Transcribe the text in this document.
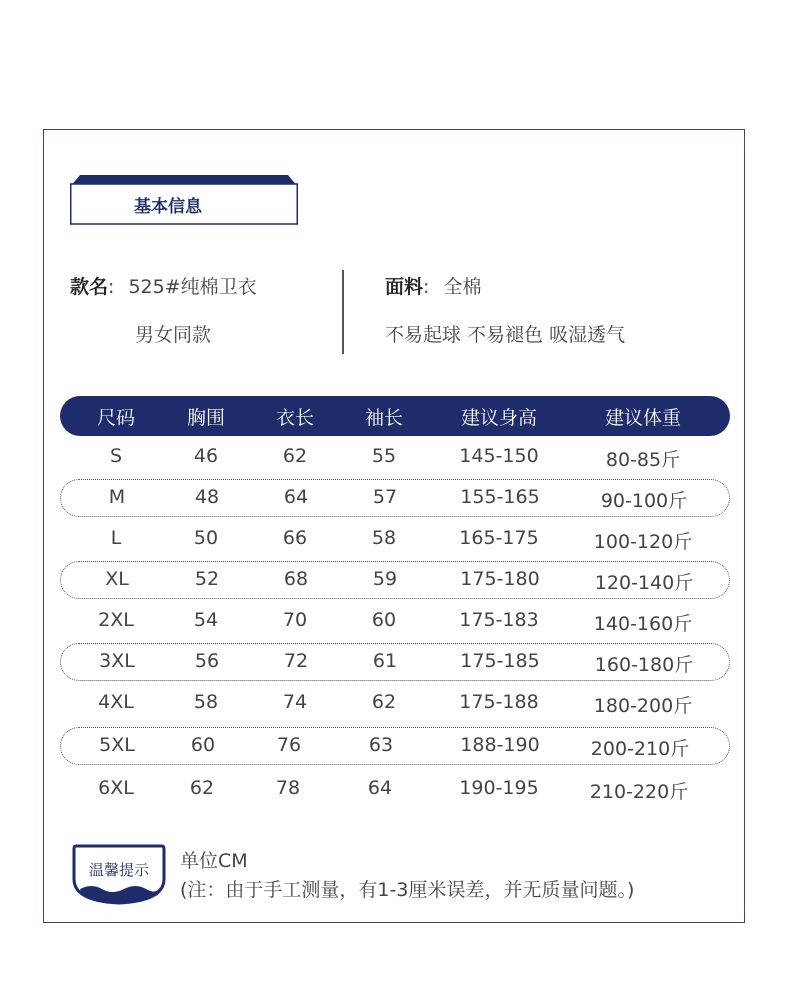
基本信息
款名: 525#纯棉卫衣
男女同款
面料: 全棉
不易起球 不易褪色 吸湿透气
尺码	胸围	衣长	袖长	建议身高	建议体重
S	46	62	55	145-150	80-85斤
M	48	64	57	155-165	90-100斤
L	50	66	58	165-175	100-120斤
XL	52	68	59	175-180	120-140斤
2XL	54	70	60	175-183	140-160斤
3XL	56	72	61	175-185	160-180斤
4XL	58	74	62	175-188	180-200斤
5XL	60	76	63	188-190	200-210斤
6XL	62	78	64	190-195	210-220斤
温馨提示	单位CM
(注：由于手工测量，有1-3厘米误差，并无质量问题。)
